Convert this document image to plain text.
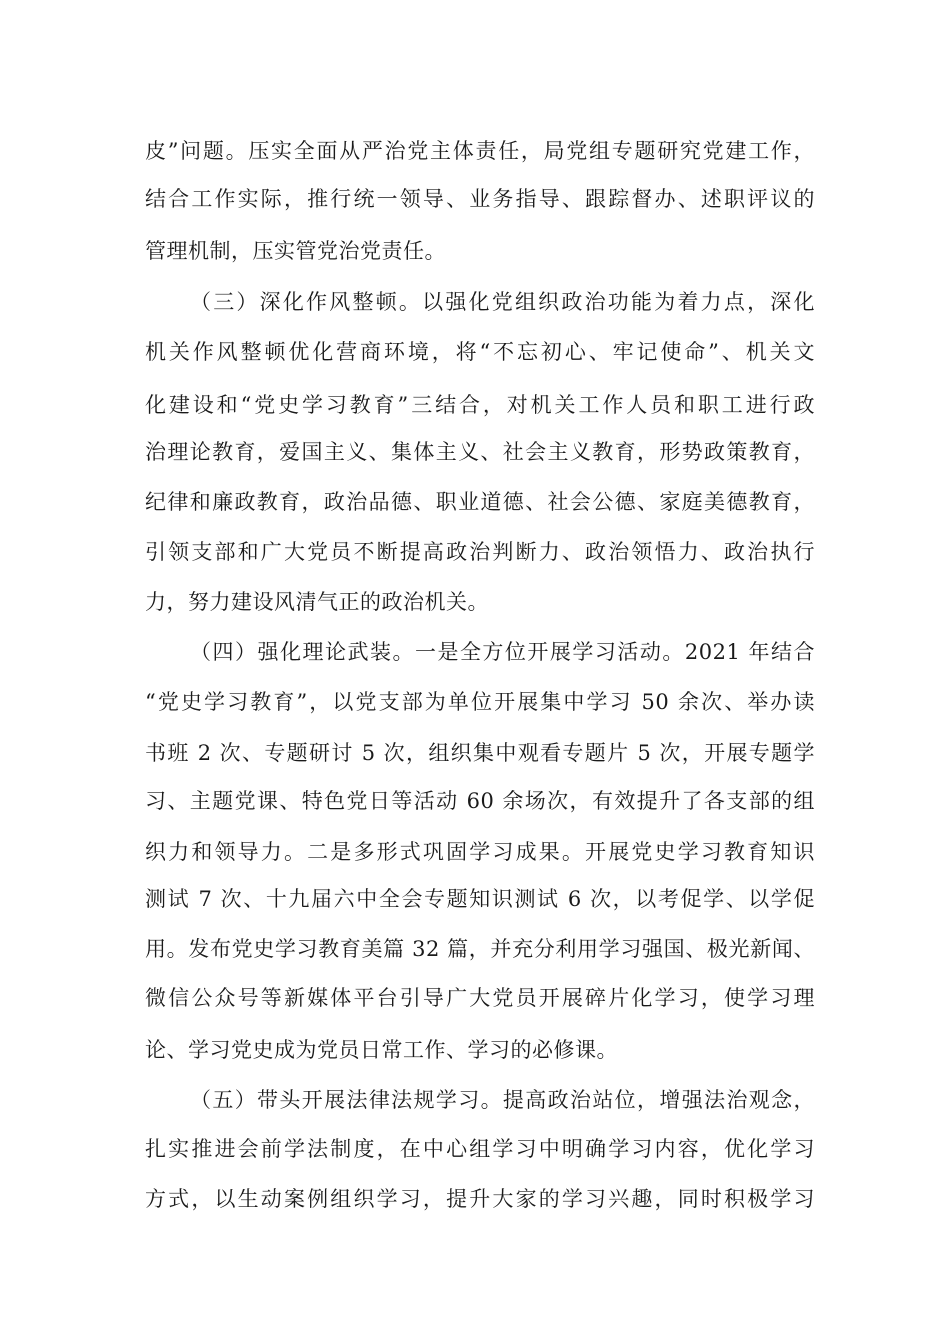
皮”问题。压实全面从严治党主体责任，局党组专题研究党建工作，
结合工作实际，推行统一领导、业务指导、跟踪督办、述职评议的
管理机制，压实管党治党责任。
（三）深化作风整顿。以强化党组织政治功能为着力点，深化
机关作风整顿优化营商环境，将“不忘初心、牢记使命”、机关文
化建设和“党史学习教育”三结合，对机关工作人员和职工进行政
治理论教育，爱国主义、集体主义、社会主义教育，形势政策教育，
纪律和廉政教育，政治品德、职业道德、社会公德、家庭美德教育，
引领支部和广大党员不断提高政治判断力、政治领悟力、政治执行
力，努力建设风清气正的政治机关。
（四）强化理论武装。一是全方位开展学习活动。2021 年结合
“党史学习教育”，以党支部为单位开展集中学习 50 余次、举办读
书班 2 次、专题研讨 5 次，组织集中观看专题片 5 次，开展专题学
习、主题党课、特色党日等活动 60 余场次，有效提升了各支部的组
织力和领导力。二是多形式巩固学习成果。开展党史学习教育知识
测试 7 次、十九届六中全会专题知识测试 6 次，以考促学、以学促
用。发布党史学习教育美篇 32 篇，并充分利用学习强国、极光新闻、
微信公众号等新媒体平台引导广大党员开展碎片化学习，使学习理
论、学习党史成为党员日常工作、学习的必修课。
（五）带头开展法律法规学习。提高政治站位，增强法治观念，
扎实推进会前学法制度，在中心组学习中明确学习内容，优化学习
方式，以生动案例组织学习，提升大家的学习兴趣，同时积极学习
